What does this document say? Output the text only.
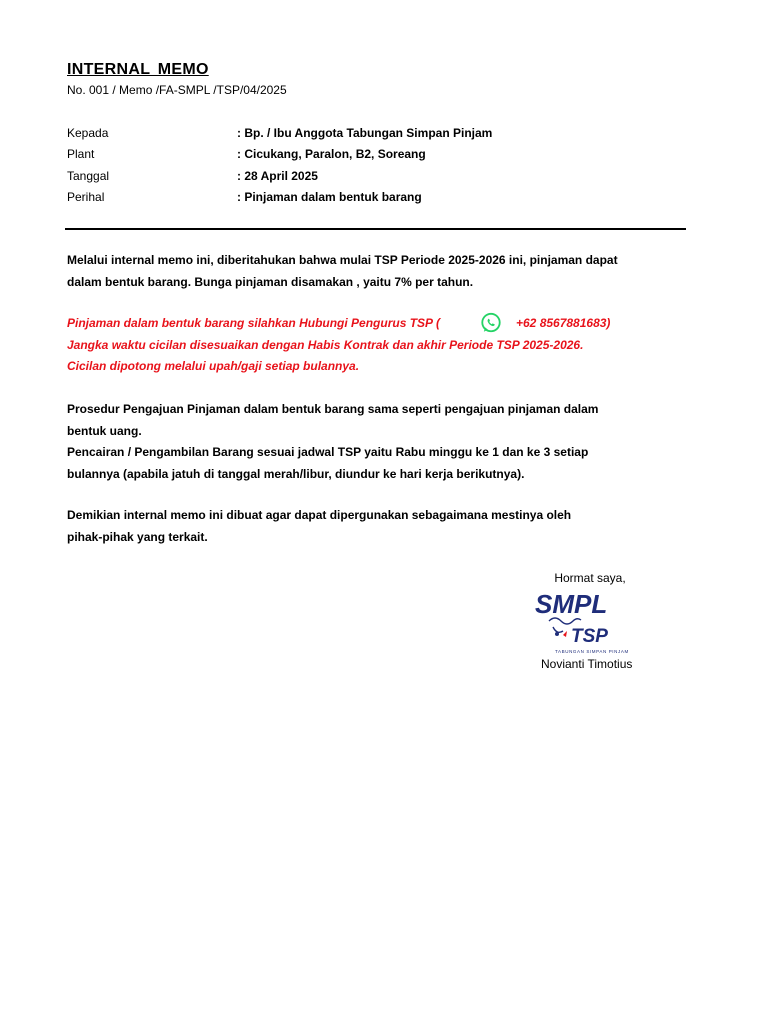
INTERNAL MEMO
No. 001 / Memo /FA-SMPL /TSP/04/2025
Kepada	: Bp. / Ibu Anggota Tabungan Simpan Pinjam
Plant	: Cicukang, Paralon, B2, Soreang
Tanggal	: 28 April 2025
Perihal	: Pinjaman dalam bentuk barang

Melalui internal memo ini, diberitahukan bahwa mulai TSP Periode 2025-2026 ini, pinjaman dapat

dalam bentuk barang. Bunga pinjaman disamakan , yaitu 7% per tahun.

Pinjaman dalam bentuk barang silahkan Hubungi Pengurus TSP (	+62 8567881683)

Jangka waktu cicilan disesuaikan dengan Habis Kontrak dan akhir Periode TSP 2025-2026.

Cicilan dipotong melalui upah/gaji setiap bulannya.

Prosedur Pengajuan Pinjaman dalam bentuk barang sama seperti pengajuan pinjaman dalam

bentuk uang.

Pencairan / Pengambilan Barang sesuai jadwal TSP yaitu Rabu minggu ke 1 dan ke 3 setiap

bulannya (apabila jatuh di tanggal merah/libur, diundur ke hari kerja berikutnya).

Demikian internal memo ini dibuat agar dapat dipergunakan sebagaimana mestinya oleh

pihak-pihak yang terkait.

Hormat saya,
SMPL
TSP
TABUNGAN SIMPAN PINJAM
Novianti Timotius
